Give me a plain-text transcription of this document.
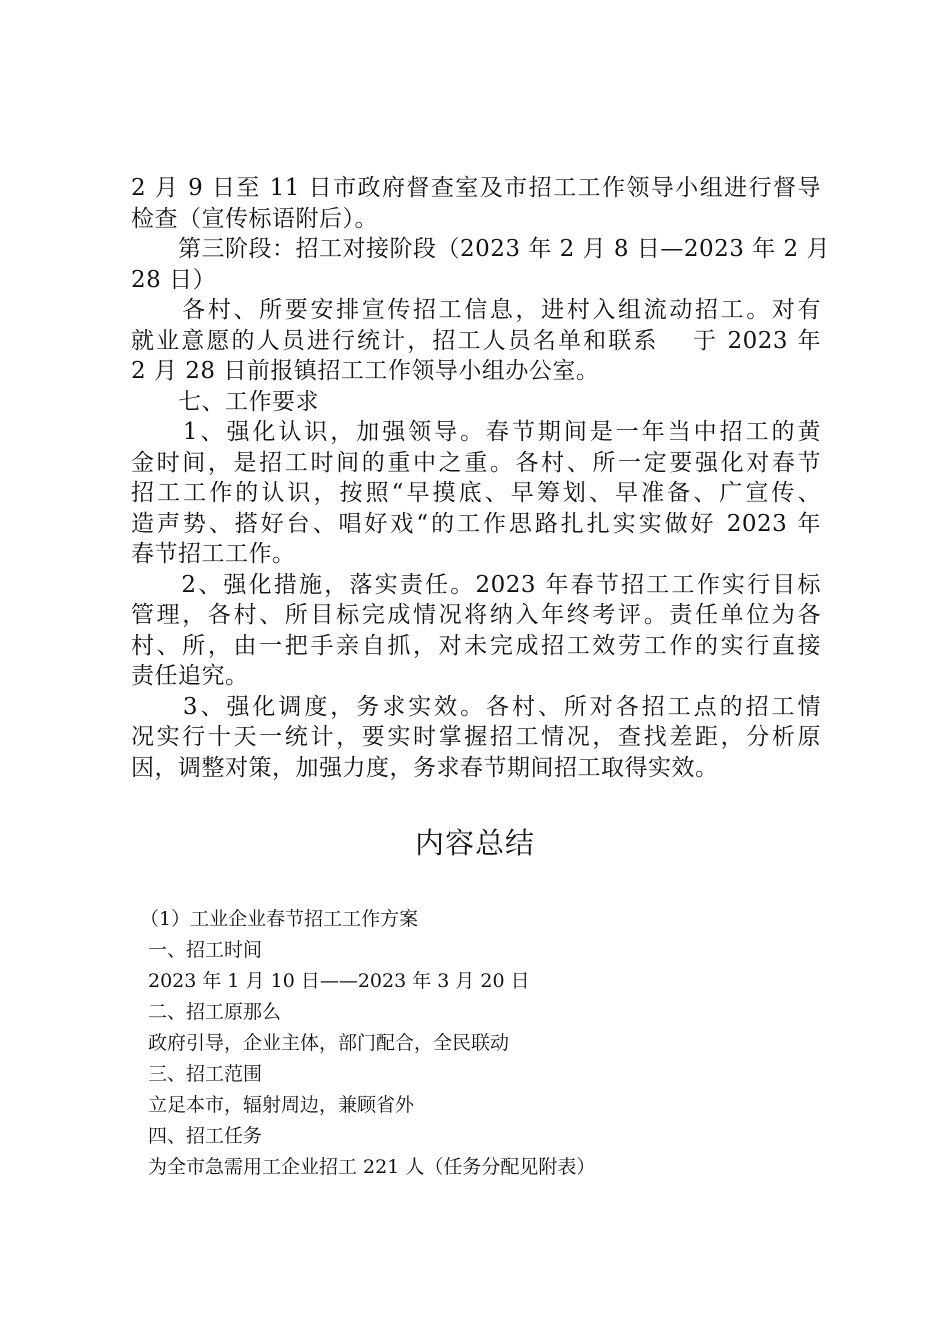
2 月 9 日至 11 日市政府督查室及市招工工作领导小组进行督导
检查（宣传标语附后）。
　　第三阶段：招工对接阶段（2023 年 2 月 8 日—2023 年 2 月
28 日）
　　各村、所要安排宣传招工信息，进村入组流动招工。对有
就业意愿的人员进行统计，招工人员名单和联系　 于 2023 年
2 月 28 日前报镇招工工作领导小组办公室。
　　七、工作要求
　　1、强化认识，加强领导。春节期间是一年当中招工的黄
金时间，是招工时间的重中之重。各村、所一定要强化对春节
招工工作的认识，按照“早摸底、早筹划、早准备、广宣传、
造声势、搭好台、唱好戏“的工作思路扎扎实实做好 2023 年
春节招工工作。
　　2、强化措施，落实责任。2023 年春节招工工作实行目标
管理，各村、所目标完成情况将纳入年终考评。责任单位为各
村、所，由一把手亲自抓，对未完成招工效劳工作的实行直接
责任追究。
　　3、强化调度，务求实效。各村、所对各招工点的招工情
况实行十天一统计，要实时掌握招工情况，查找差距，分析原
因，调整对策，加强力度，务求春节期间招工取得实效。
内容总结
（1）工业企业春节招工工作方案
一、招工时间
2023 年 1 月 10 日——2023 年 3 月 20 日
二、招工原那么
政府引导，企业主体，部门配合，全民联动
三、招工范围
立足本市，辐射周边，兼顾省外
四、招工任务
为全市急需用工企业招工 221 人（任务分配见附表）
